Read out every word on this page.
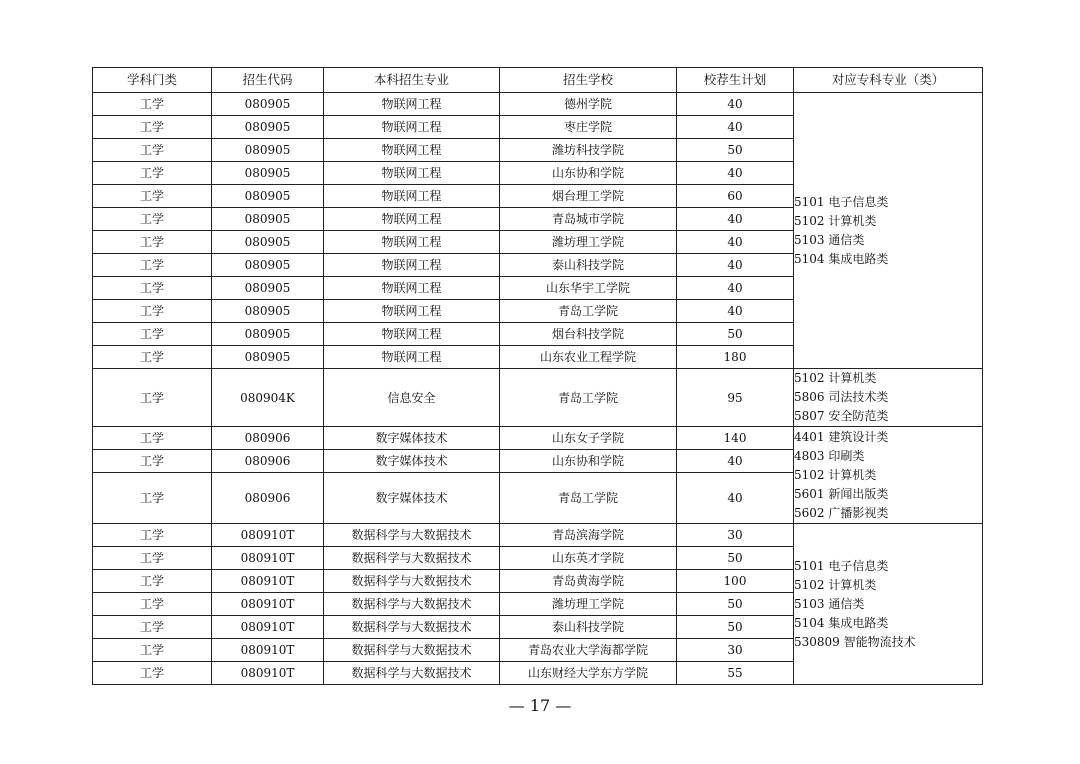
学科门类	招生代码	本科招生专业	招生学校	校荐生计划	对应专科专业（类）
工学	080905	物联网工程	德州学院	40	5101 电子信息类
5102 计算机类
5103 通信类
5104 集成电路类

工学	080905	物联网工程	枣庄学院	40	
工学	080905	物联网工程	潍坊科技学院	50	
工学	080905	物联网工程	山东协和学院	40	
工学	080905	物联网工程	烟台理工学院	60	
工学	080905	物联网工程	青岛城市学院	40	
工学	080905	物联网工程	潍坊理工学院	40	
工学	080905	物联网工程	泰山科技学院	40	
工学	080905	物联网工程	山东华宇工学院	40	
工学	080905	物联网工程	青岛工学院	40	
工学	080905	物联网工程	烟台科技学院	50	
工学	080905	物联网工程	山东农业工程学院	180	
工学	080904K	信息安全	青岛工学院	95	5102 计算机类
5806 司法技术类
5807 安全防范类

工学	080906	数字媒体技术	山东女子学院	140	4401 建筑设计类
4803 印刷类
5102 计算机类
5601 新闻出版类
5602 广播影视类

工学	080906	数字媒体技术	山东协和学院	40	
工学	080906	数字媒体技术	青岛工学院	40	
工学	080910T	数据科学与大数据技术	青岛滨海学院	30	5101 电子信息类
5102 计算机类
5103 通信类
5104 集成电路类
530809 智能物流技术

工学	080910T	数据科学与大数据技术	山东英才学院	50	
工学	080910T	数据科学与大数据技术	青岛黄海学院	100	
工学	080910T	数据科学与大数据技术	潍坊理工学院	50	
工学	080910T	数据科学与大数据技术	泰山科技学院	50	
工学	080910T	数据科学与大数据技术	青岛农业大学海都学院	30	
工学	080910T	数据科学与大数据技术	山东财经大学东方学院	55	
— 17 —
